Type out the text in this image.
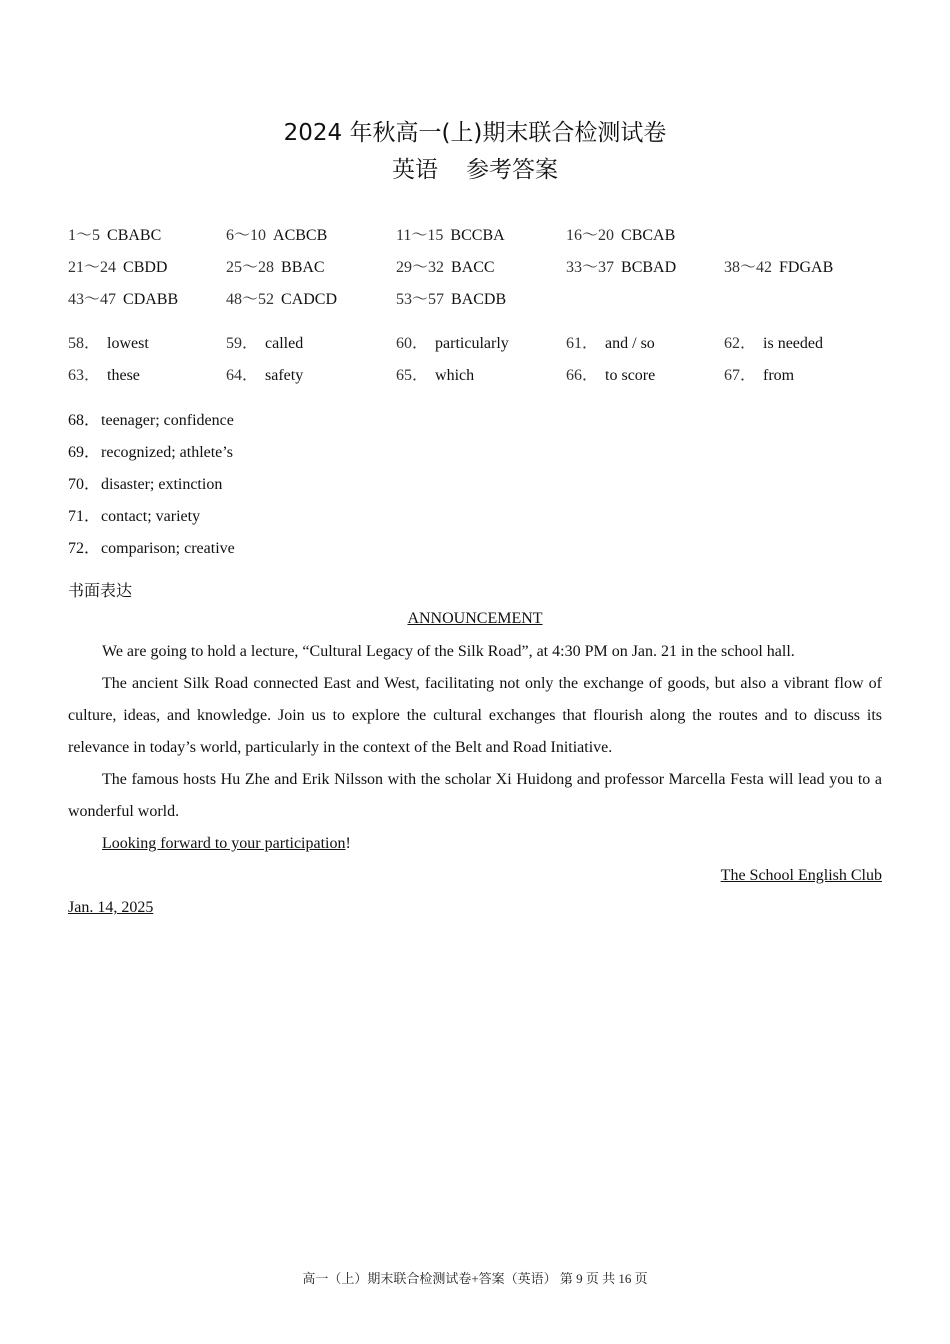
2024 年秋高一(上)期末联合检测试卷
英语 参考答案
1～5 CBABC	6～10 ACBCB	11～15 BCCBA	16～20 CBCAB
21～24 CBDD	25～28 BBAC	29～32 BACC	33～37 BCBAD	38～42 FDGAB
43～47 CDABB	48～52 CADCD	53～57 BACDB
58． lowest	59． called	60． particularly	61． and / so	62． is needed
63． these	64． safety	65． which	66． to score	67． from
68．teenager; confidence
69．recognized; athlete’s
70．disaster; extinction
71．contact; variety
72．comparison; creative
书面表达
ANNOUNCEMENT

We are going to hold a lecture, “Cultural Legacy of the Silk Road”, at 4:30 PM on Jan. 21 in the school hall.

The ancient Silk Road connected East and West, facilitating not only the exchange of goods, but also a vibrant flow of culture, ideas, and knowledge. Join us to explore the cultural exchanges that flourish along the routes and to discuss its relevance in today’s world, particularly in the context of the Belt and Road Initiative.

The famous hosts Hu Zhe and Erik Nilsson with the scholar Xi Huidong and professor Marcella Festa will lead you to a wonderful world.

Looking forward to your participation!
The School English Club
Jan. 14, 2025
高一（上）期末联合检测试卷+答案（英语） 第 9 页 共 16 页
